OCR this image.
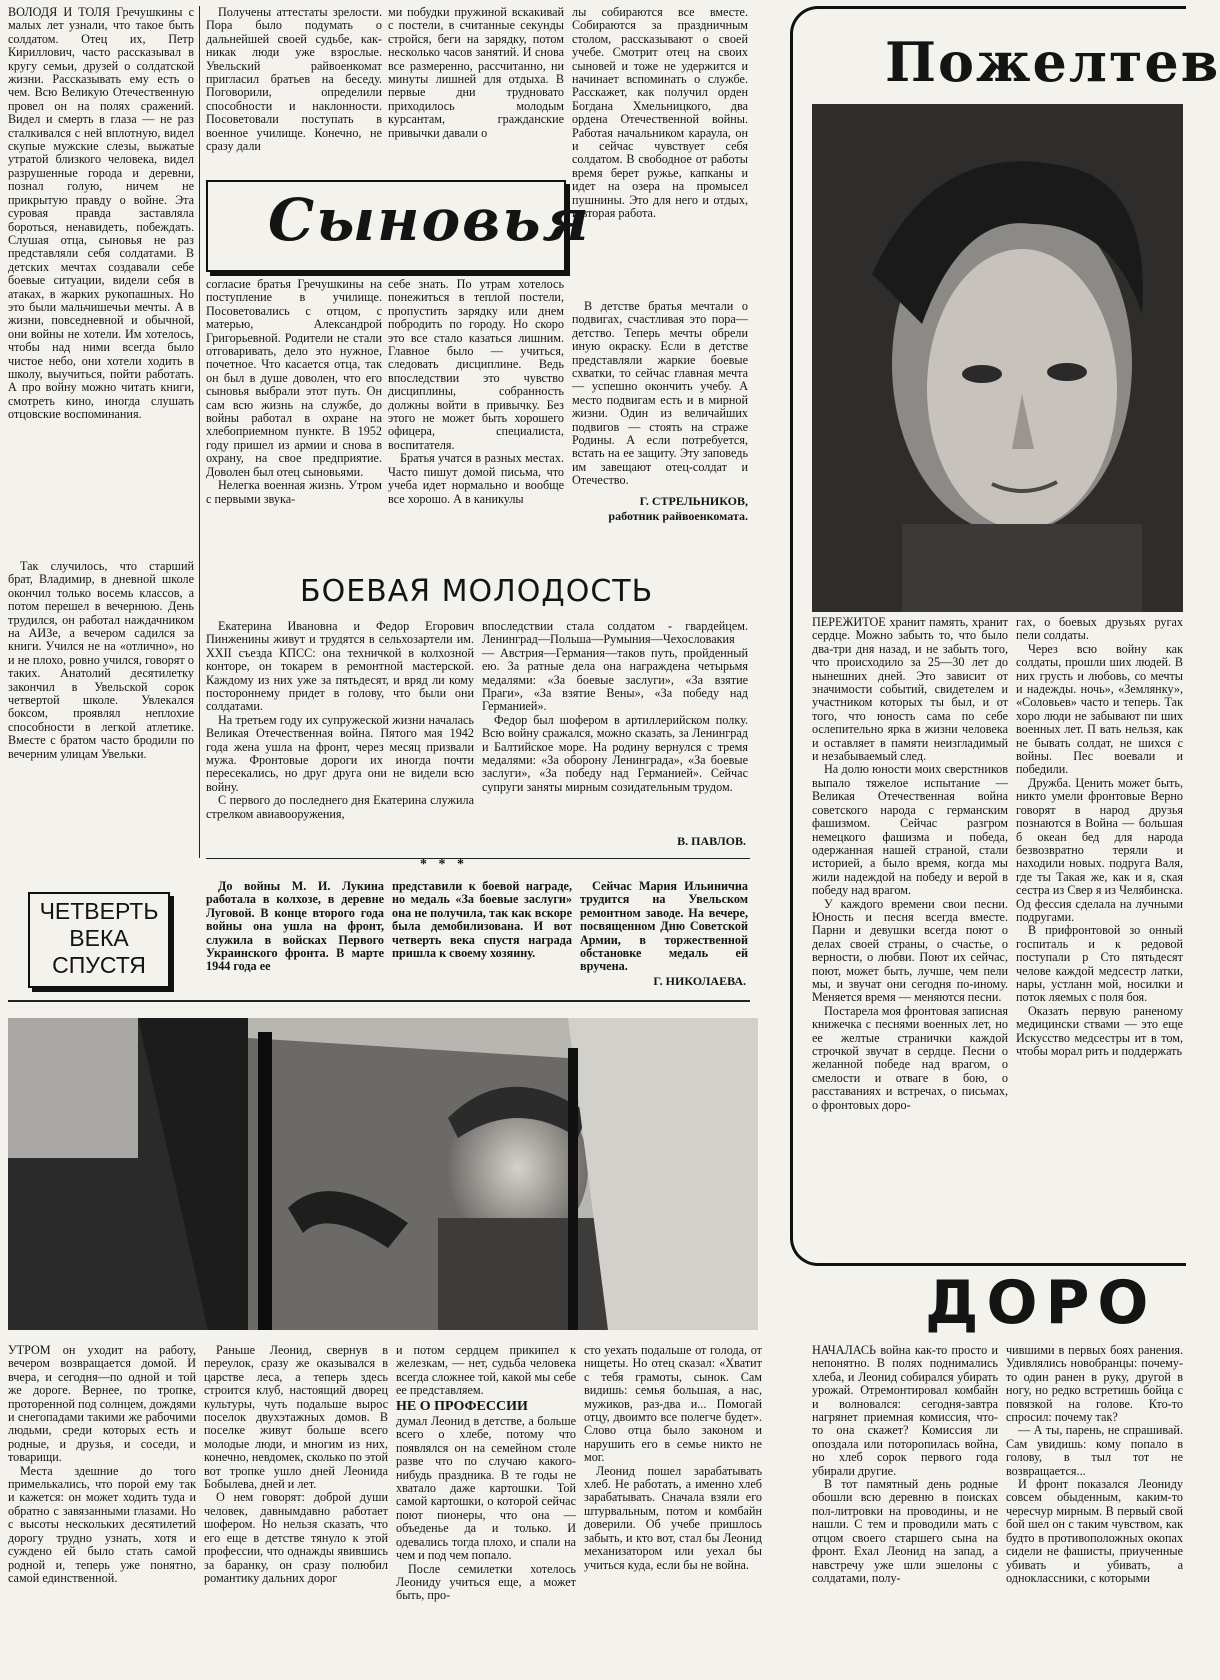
ВОЛОДЯ И ТОЛЯ Гречушкины с малых лет узнали, что такое быть солдатом. Отец их, Петр Кириллович, часто рассказывал в кругу семьи, друзей о солдатской жизни. Рассказывать ему есть о чем. Всю Великую Отечественную провел он на полях сражений. Видел и смерть в глаза — не раз сталкивался с ней вплотную, видел скупые мужские слезы, выжатые утратой близкого человека, видел разрушенные города и деревни, познал голую, ничем не прикрытую правду о войне. Эта суровая правда заставляла бороться, ненавидеть, побеждать. Слушая отца, сыновья не раз представляли себя солдатами. В детских мечтах создавали себе боевые ситуации, видели себя в атаках, в жарких рукопашных. Но это были мальчишечьи мечты. А в жизни, повседневной и обычной, они войны не хотели. Им хотелось, чтобы над ними всегда было чистое небо, они хотели ходить в школу, выучиться, пойти работать. А про войну можно читать книги, смотреть кино, иногда слушать отцовские воспоминания.

Так случилось, что старший брат, Владимир, в дневной школе окончил только восемь классов, а потом перешел в вечернюю. День трудился, он работал наждачником на АИЗе, а вечером садился за книги. Учился не на «отлично», но и не плохо, ровно учился, говорят о таких. Анатолий десятилетку закончил в Увельской сорок четвертой школе. Увлекался боксом, проявлял неплохие способности в легкой атлетике. Вместе с братом часто бродили по вечерним улицам Увельки.

Получены аттестаты зрелости. Пора было подумать о дальнейшей своей судьбе, как-никак люди уже взрослые. Увельский райвоенкомат пригласил братьев на беседу. Поговорили, определили способности и наклонности. Посоветовали поступать в военное училище. Конечно, не сразу дали

ми побудки пружиной вскакивай с постели, в считанные секунды стройся, беги на зарядку, потом несколько часов занятий. И снова все размеренно, рассчитанно, ни минуты лишней для отдыха. В первые дни трудновато приходилось молодым курсантам, гражданские привычки давали о

лы собираются все вместе. Собираются за праздничным столом, рассказывают о своей учебе. Смотрит отец на своих сыновей и тоже не удержится и начинает вспоминать о службе. Расскажет, как получил орден Богдана Хмельницкого, два ордена Отечественной войны. Работая начальником караула, он и сейчас чувствует себя солдатом. В свободное от работы время берет ружье, капканы и идет на озера на промысел пушнины. Это для него и отдых, и вторая работа.

Сыновья

согласие братья Гречушкины на поступление в училище. Посоветовались с отцом, с матерью, Александрой Григорьевной. Родители не стали отговаривать, дело это нужное, почетное. Что касается отца, так он был в душе доволен, что его сыновья выбрали этот путь. Он сам всю жизнь на службе, до войны работал в охране на хлебоприемном пункте. В 1952 году пришел из армии и снова в охрану, на свое предприятие. Доволен был отец сыновьями.

Нелегка военная жизнь. Утром с первыми звука-

себе знать. По утрам хотелось понежиться в теплой постели, пропустить зарядку или днем побродить по городу. Но скоро это все стало казаться лишним. Главное было — учиться, следовать дисциплине. Ведь впоследствии это чувство дисциплины, собранность должны войти в привычку. Без этого не может быть хорошего офицера, специалиста, воспитателя.

Братья учатся в разных местах. Часто пишут домой письма, что учеба идет нормально и вообще все хорошо. А в каникулы

В детстве братья мечтали о подвигах, счастливая это пора—детство. Теперь мечты обрели иную окраску. Если в детстве представляли жаркие боевые схватки, то сейчас главная мечта — успешно окончить учебу. А место подвигам есть и в мирной жизни. Один из величайших подвигов — стоять на страже Родины. А если потребуется, встать на ее защиту. Эту заповедь им завещают отец-солдат и Отечество.

Г. СТРЕЛЬНИКОВ,
работник райвоенкомата.
БОЕВАЯ МОЛОДОСТЬ

Екатерина Ивановна и Федор Егорович Пинженины живут и трудятся в сельхозартели им. XXII съезда КПСС: она техничкой в колхозной конторе, он токарем в ремонтной мастерской. Каждому из них уже за пятьдесят, и вряд ли кому постороннему придет в голову, что были они солдатами.

На третьем году их супружеской жизни началась Великая Отечественная война. Пятого мая 1942 года жена ушла на фронт, через месяц призвали мужа. Фронтовые дороги их иногда почти пересекались, но друг друга они не видели всю войну.

С первого до последнего дня Екатерина служила стрелком авиавооружения,

впоследствии стала солдатом - гвардейцем. Ленинград—Польша—Румыния—Чехословакия — Австрия—Германия—таков путь, пройденный ею. За ратные дела она награждена четырьмя медалями: «За боевые заслуги», «За взятие Праги», «За взятие Вены», «За победу над Германией».

Федор был шофером в артиллерийском полку. Всю войну сражался, можно сказать, за Ленинград и Балтийское море. На родину вернулся с тремя медалями: «За оборону Ленинграда», «За боевые заслуги», «За победу над Германией». Сейчас супруги заняты мирным созидательным трудом.

В. ПАВЛОВ.
* * *
ЧЕТВЕРТЬ
ВЕКА
СПУСТЯ

До войны М. И. Лукина работала в колхозе, в деревне Луговой. В конце второго года войны она ушла на фронт, служила в войсках Первого Украинского фронта. В марте 1944 года ее

представили к боевой награде, но медаль «За боевые заслуги» она не получила, так как вскоре была демобилизована. И вот четверть века спустя награда пришла к своему хозяину.

Сейчас Мария Ильинична трудится на Увельском ремонтном заводе. На вечере, посвященном Дню Советской Армии, в торжественной обстановке медаль ей вручена.

Г. НИКОЛАЕВА.
Пожелтев

ПЕРЕЖИТОЕ хранит память, хранит сердце. Можно забыть то, что было два-три дня назад, и не забыть того, что происходило за 25—30 лет до нынешних дней. Это зависит от значимости событий, свидетелем и участником которых ты был, и от того, что юность сама по себе ослепительно ярка в жизни человека и оставляет в памяти неизгладимый и незабываемый след.

На долю юности моих сверстников выпало тяжелое испытание — Великая Отечественная война советского народа с германским фашизмом. Сейчас разгром немецкого фашизма и победа, одержанная нашей страной, стали историей, а было время, когда мы жили надеждой на победу и верой в победу над врагом.

У каждого времени свои песни. Юность и песня всегда вместе. Парни и девушки всегда поют о делах своей страны, о счастье, о верности, о любви. Поют их сейчас, поют, может быть, лучше, чем пели мы, и звучат они сегодня по-иному. Меняется время — меняются песни.

Постарела моя фронтовая записная книжечка с песнями военных лет, но ее желтые странички каждой строчкой звучат в сердце. Песни о желанной победе над врагом, о смелости и отваге в бою, о расставаниях и встречах, о письмах, о фронтовых доро-

гах, о боевых друзьях ругах пели солдаты.

Через всю войну как солдаты, прошли ших людей. В них грусть и любовь, со мечты и надежды. ночь», «Землянку», «Соловьев» часто и теперь. Так хоро люди не забывают пи ших военных лет. П вать нельзя, как не бывать солдат, не шихся с войны. Пес воевали и победили.

Дружба. Ценить может быть, никто умели фронтовые Верно говорят в народ друзья познаются в Война — большая б океан бед для народа безвозвратно теряли и находили новых. подруга Валя, где ты Такая же, как и я, ская сестра из Свер я из Челябинска. Од фессия сделала на лучными подругами.

В прифронтовой зо онный госпиталь и к редовой поступали р Сто пятьдесят челове каждой медсестр латки, нары, устланн мой, носилки и поток ляемых с поля боя.

Оказать первую раненому медицински ствами — это еще Искусство медсестры ит в том, чтобы морал рить и поддержать

ДОРО

УТРОМ он уходит на работу, вечером возвращается домой. И вчера, и сегодня—по одной и той же дороге. Вернее, по тропке, проторенной под солнцем, дождями и снегопадами такими же рабочими людьми, среди которых есть и родные, и друзья, и соседи, и товарищи.

Места здешние до того примелькались, что порой ему так и кажется: он может ходить туда и обратно с завязанными глазами. Но с высоты нескольких десятилетий дорогу трудно узнать, хотя и суждено ей было стать самой родной и, теперь уже понятно, самой единственной.

Раньше Леонид, свернув в переулок, сразу же оказывался в царстве леса, а теперь здесь строится клуб, настоящий дворец культуры, чуть подальше вырос поселок двухэтажных домов. В поселке живут больше всего молодые люди, и многим из них, конечно, невдомек, сколько по этой вот тропке ушло дней Леонида Бобылева, дней и лет.

О нем говорят: доброй души человек, давнымдавно работает шофером. Но нельзя сказать, что его еще в детстве тянуло к этой профессии, что однажды явившись за баранку, он сразу полюбил романтику дальних дорог

и потом сердцем прикипел к железкам, — нет, судьба человека всегда сложнее той, какой мы себе ее представляем.

НЕ О ПРОФЕССИИ

думал Леонид в детстве, а больше всего о хлебе, потому что появлялся он на семейном столе разве что по случаю какого-нибудь праздника. В те годы не хватало даже картошки. Той самой картошки, о которой сейчас поют пионеры, что она — объеденье да и только. И одевались тогда плохо, и спали на чем и под чем попало.

После семилетки хотелось Леониду учиться еще, а может быть, про-

сто уехать подальше от голода, от нищеты. Но отец сказал: «Хватит с тебя грамоты, сынок. Сам видишь: семья большая, а нас, мужиков, раз-два и... Помогай отцу, двоимто все полегче будет». Слово отца было законом и нарушить его в семье никто не мог.

Леонид пошел зарабатывать хлеб. Не работать, а именно хлеб зарабатывать. Сначала взяли его штурвальным, потом и комбайн доверили. Об учебе пришлось забыть, и кто вот, стал бы Леонид механизатором или уехал бы учиться куда, если бы не война.

НАЧАЛАСЬ война как-то просто и непонятно. В полях поднимались хлеба, и Леонид собирался убирать урожай. Отремонтировал комбайн и волновался: сегодня-завтра нагрянет приемная комиссия, что-то она скажет? Комиссия ли опоздала или поторопилась война, но хлеб сорок первого года убирали другие.

В тот памятный день родные обошли всю деревню в поисках пол-литровки на проводины, и не нашли. С тем и проводили мать с отцом своего старшего сына на фронт. Ехал Леонид на запад, а навстречу уже шли эшелоны с солдатами, полу-

чившими в первых боях ранения. Удивлялись новобранцы: почему-то один ранен в руку, другой в ногу, но редко встретишь бойца с повязкой на голове. Кто-то спросил: почему так?

— А ты, парень, не спрашивай. Сам увидишь: кому попало в голову, в тыл тот не возвращается...

И фронт показался Леониду совсем обыденным, каким-то чересчур мирным. В первый свой бой шел он с таким чувством, как будто в противоположных окопах сидели не фашисты, приученные убивать и убивать, а однокласcники, с которыми
